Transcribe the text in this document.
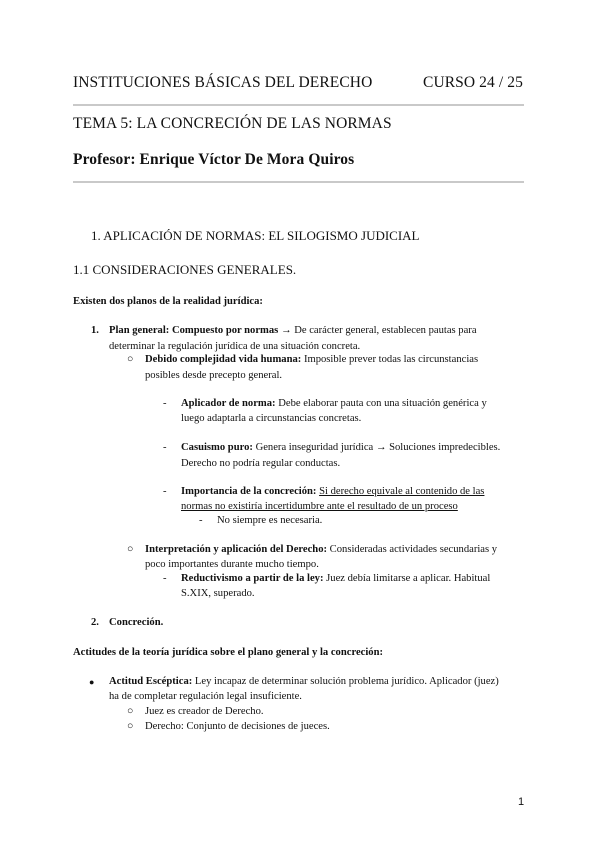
INSTITUCIONES BÁSICAS DEL DERECHO	CURSO 24 / 25
TEMA 5: LA CONCRECIÓN DE LAS NORMAS
Profesor: Enrique Víctor De Mora Quiros
1. APLICACIÓN DE NORMAS: EL SILOGISMO JUDICIAL
1.1 CONSIDERACIONES GENERALES.
Existen dos planos de la realidad jurídica:
1. Plan general: Compuesto por normas → De carácter general, establecen pautas para
determinar la regulación jurídica de una situación concreta.
○ Debido complejidad vida humana: Imposible prever todas las circunstancias
posibles desde precepto general.
- Aplicador de norma: Debe elaborar pauta con una situación genérica y
luego adaptarla a circunstancias concretas.
- Casuismo puro: Genera inseguridad jurídica → Soluciones impredecibles.
Derecho no podría regular conductas.
- Importancia de la concreción: Si derecho equivale al contenido de las
normas no existiría incertidumbre ante el resultado de un proceso
- No siempre es necesaria.
○ Interpretación y aplicación del Derecho: Consideradas actividades secundarias y
poco importantes durante mucho tiempo.
- Reductivismo a partir de la ley: Juez debía limitarse a aplicar. Habitual
S.XIX, superado.
2. Concreción.
Actitudes de la teoría jurídica sobre el plano general y la concreción:
● Actitud Escéptica: Ley incapaz de determinar solución problema jurídico. Aplicador (juez)
ha de completar regulación legal insuficiente.
○ Juez es creador de Derecho.
○ Derecho: Conjunto de decisiones de jueces.
1
